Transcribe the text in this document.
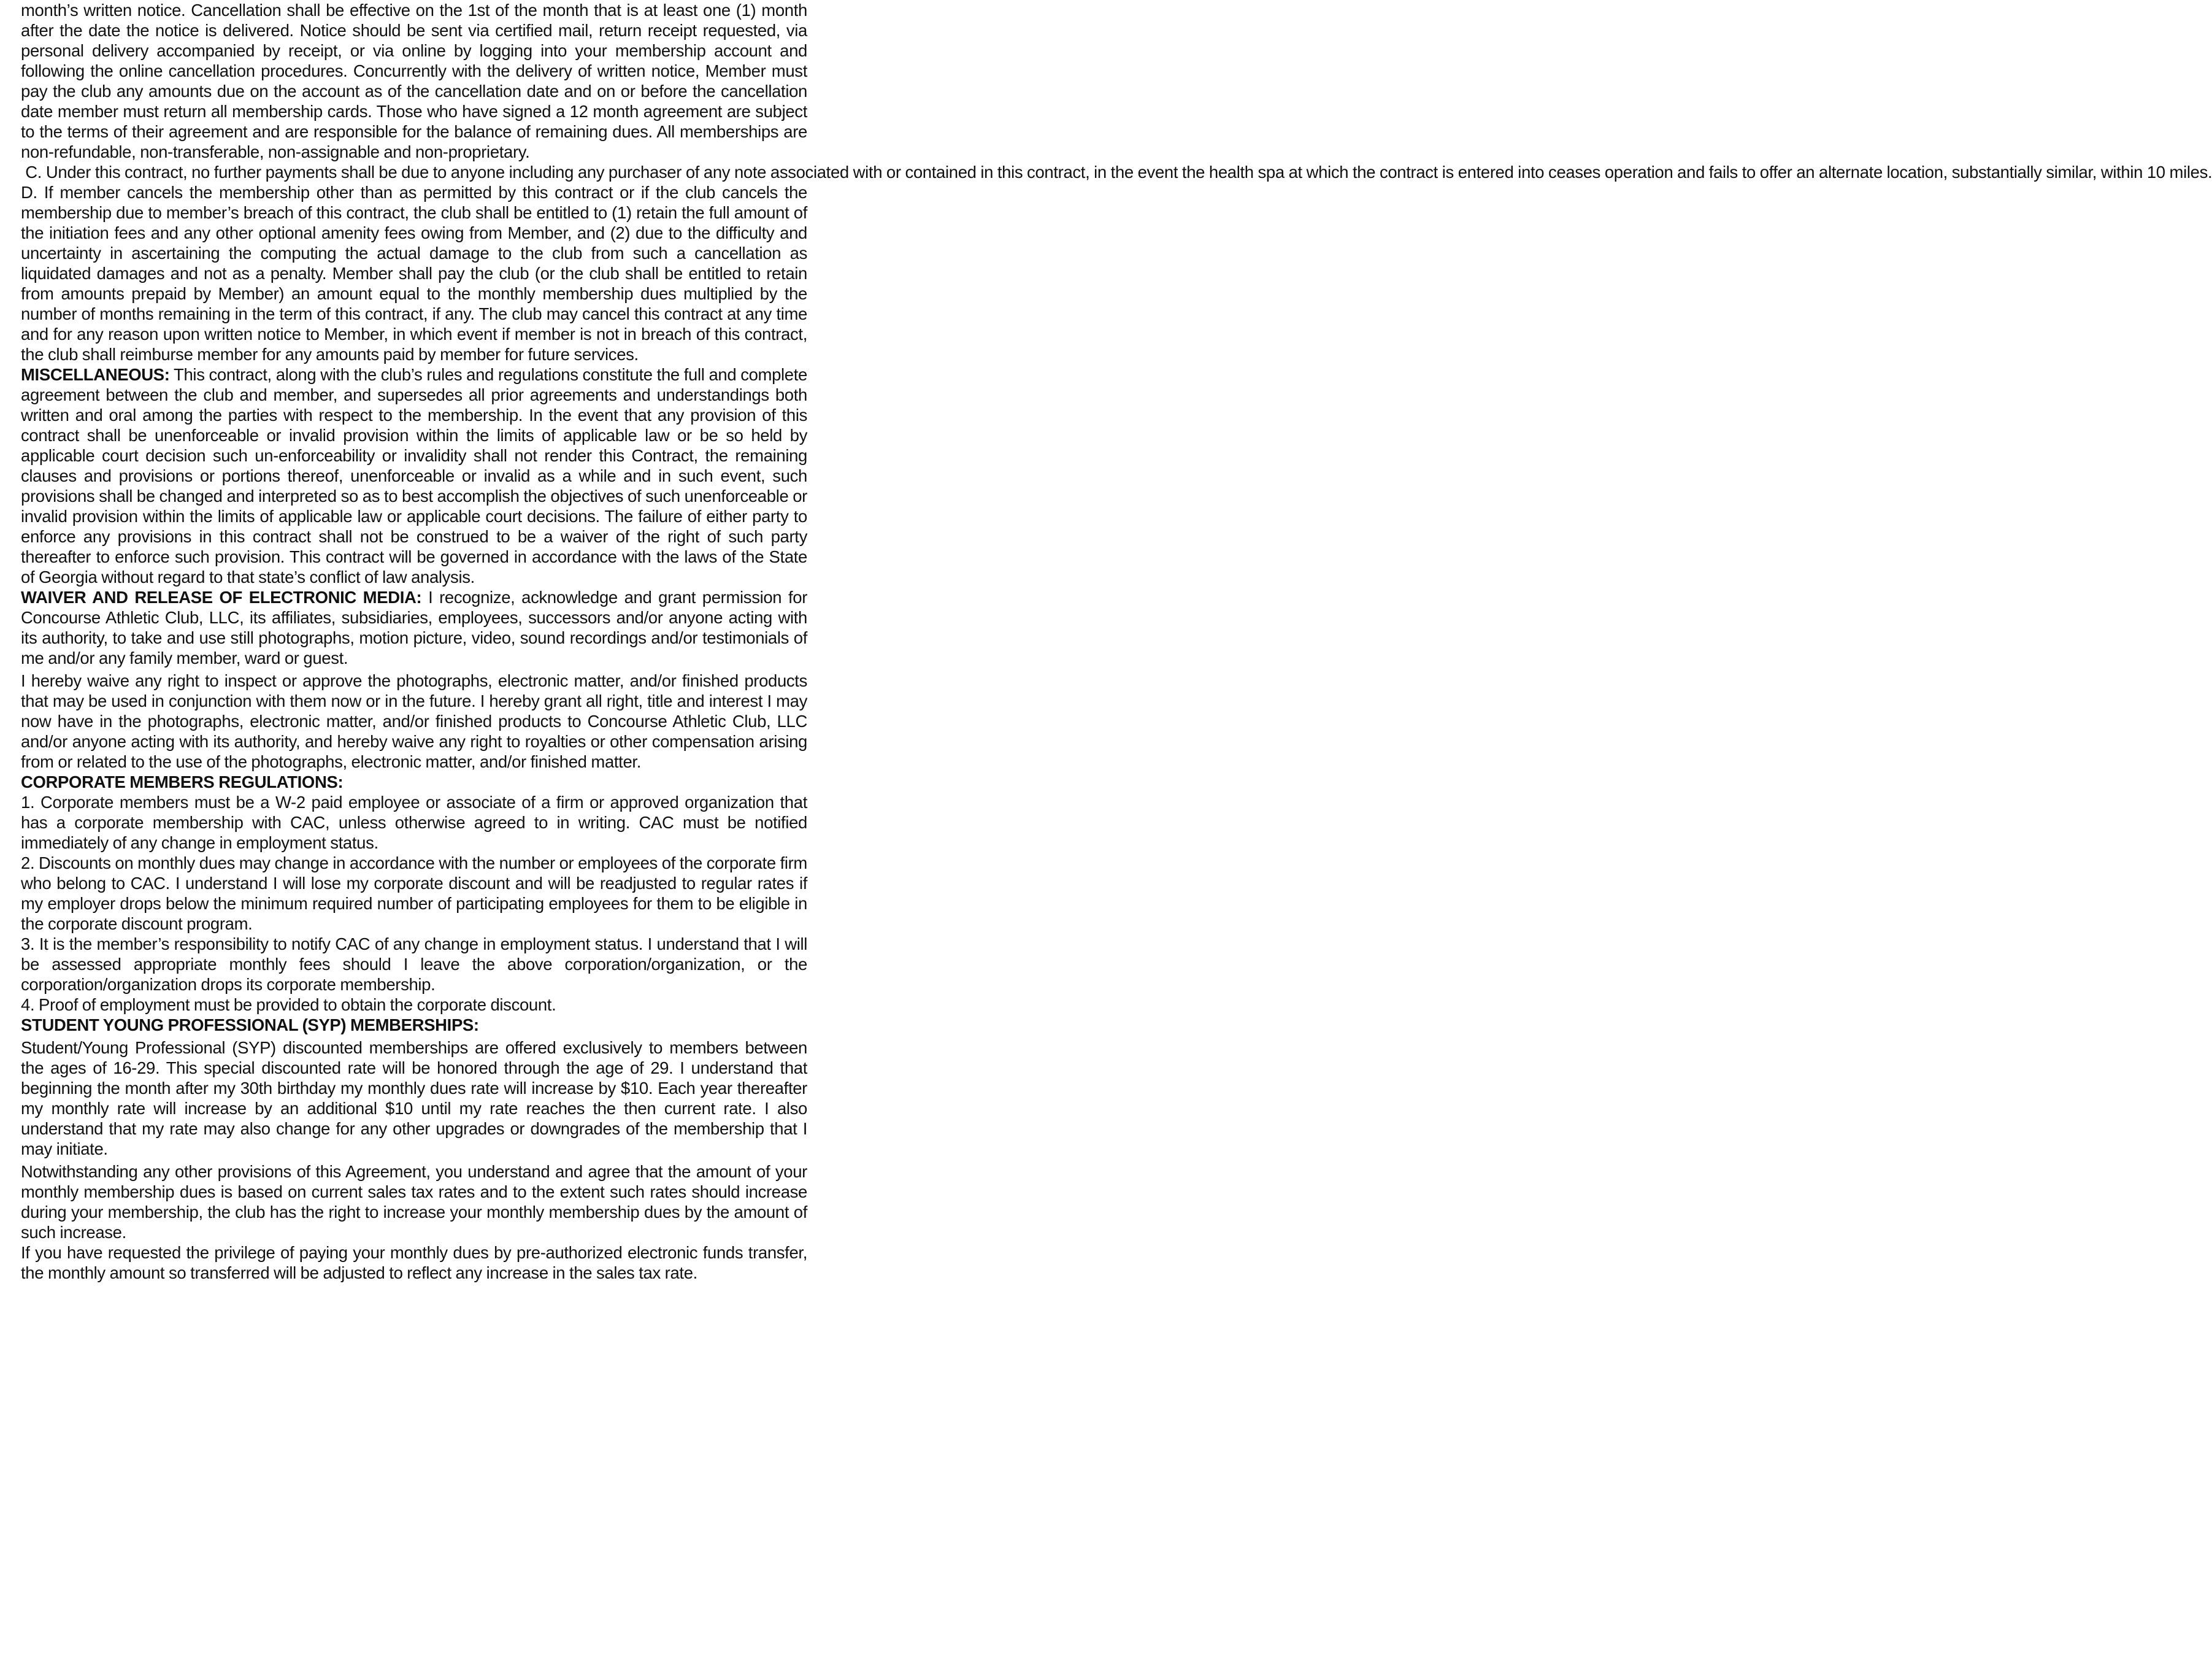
month’s written notice. Cancellation shall be effective on the 1st of the month that is at least one (1) month after the date the notice is delivered. Notice should be sent via certified mail, return receipt requested, via personal delivery accompanied by receipt, or via online by logging into your membership account and following the online cancellation procedures. Concurrently with the delivery of written notice, Member must pay the club any amounts due on the account as of the cancellation date and on or before the cancellation date member must return all membership cards. Those who have signed a 12 month agreement are subject to the terms of their agreement and are responsible for the balance of remaining dues. All memberships are non-refundable, non-transferable, non-assignable and non-proprietary.

C. Under this contract, no further payments shall be due to anyone including any purchaser of any note associated with or contained in this contract, in the event the health spa at which the contract is entered into ceases operation and fails to offer an alternate location, substantially similar, within 10 miles.

D. If member cancels the membership other than as permitted by this contract or if the club cancels the membership due to member’s breach of this contract, the club shall be entitled to (1) retain the full amount of the initiation fees and any other optional amenity fees owing from Member, and (2) due to the difficulty and uncertainty in ascertaining the computing the actual damage to the club from such a cancellation as liquidated damages and not as a penalty. Member shall pay the club (or the club shall be entitled to retain from amounts prepaid by Member) an amount equal to the monthly membership dues multiplied by the number of months remaining in the term of this contract, if any. The club may cancel this contract at any time and for any reason upon written notice to Member, in which event if member is not in breach of this contract, the club shall reimburse member for any amounts paid by member for future services.

MISCELLANEOUS: This contract, along with the club’s rules and regulations constitute the full and complete agreement between the club and member, and supersedes all prior agreements and understandings both written and oral among the parties with respect to the membership. In the event that any provision of this contract shall be unenforceable or invalid provision within the limits of applicable law or be so held by applicable court decision such un-enforceability or invalidity shall not render this Contract, the remaining clauses and provisions or portions thereof, unenforceable or invalid as a while and in such event, such provisions shall be changed and interpreted so as to best accomplish the objectives of such unenforceable or invalid provision within the limits of applicable law or applicable court decisions. The failure of either party to enforce any provisions in this contract shall not be construed to be a waiver of the right of such party thereafter to enforce such provision. This contract will be governed in accordance with the laws of the State of Georgia without regard to that state’s conflict of law analysis.

WAIVER AND RELEASE OF ELECTRONIC MEDIA: I recognize, acknowledge and grant permission for Concourse Athletic Club, LLC, its affiliates, subsidiaries, employees, successors and/or anyone acting with its authority, to take and use still photographs, motion picture, video, sound recordings and/or testimonials of me and/or any family member, ward or guest.

I hereby waive any right to inspect or approve the photographs, electronic matter, and/or finished products that may be used in conjunction with them now or in the future. I hereby grant all right, title and interest I may now have in the photographs, electronic matter, and/or finished products to Concourse Athletic Club, LLC and/or anyone acting with its authority, and hereby waive any right to royalties or other compensation arising from or related to the use of the photographs, electronic matter, and/or finished matter.

CORPORATE MEMBERS REGULATIONS:

1. Corporate members must be a W-2 paid employee or associate of a firm or approved organization that has a corporate membership with CAC, unless otherwise agreed to in writing. CAC must be notified immediately of any change in employment status.

2. Discounts on monthly dues may change in accordance with the number or employees of the corporate firm who belong to CAC. I understand I will lose my corporate discount and will be readjusted to regular rates if my employer drops below the minimum required number of participating employees for them to be eligible in the corporate discount program.

3. It is the member’s responsibility to notify CAC of any change in employment status. I understand that I will be assessed appropriate monthly fees should I leave the above corporation/organization, or the corporation/organization drops its corporate membership.

4. Proof of employment must be provided to obtain the corporate discount.

STUDENT YOUNG PROFESSIONAL (SYP) MEMBERSHIPS:

Student/Young Professional (SYP) discounted memberships are offered exclusively to members between the ages of 16-29. This special discounted rate will be honored through the age of 29. I understand that beginning the month after my 30th birthday my monthly dues rate will increase by $10. Each year thereafter my monthly rate will increase by an additional $10 until my rate reaches the then current rate. I also understand that my rate may also change for any other upgrades or downgrades of the membership that I may initiate.

Notwithstanding any other provisions of this Agreement, you understand and agree that the amount of your monthly membership dues is based on current sales tax rates and to the extent such rates should increase during your membership, the club has the right to increase your monthly membership dues by the amount of such increase.

If you have requested the privilege of paying your monthly dues by pre-authorized electronic funds transfer, the monthly amount so transferred will be adjusted to reflect any increase in the sales tax rate.
